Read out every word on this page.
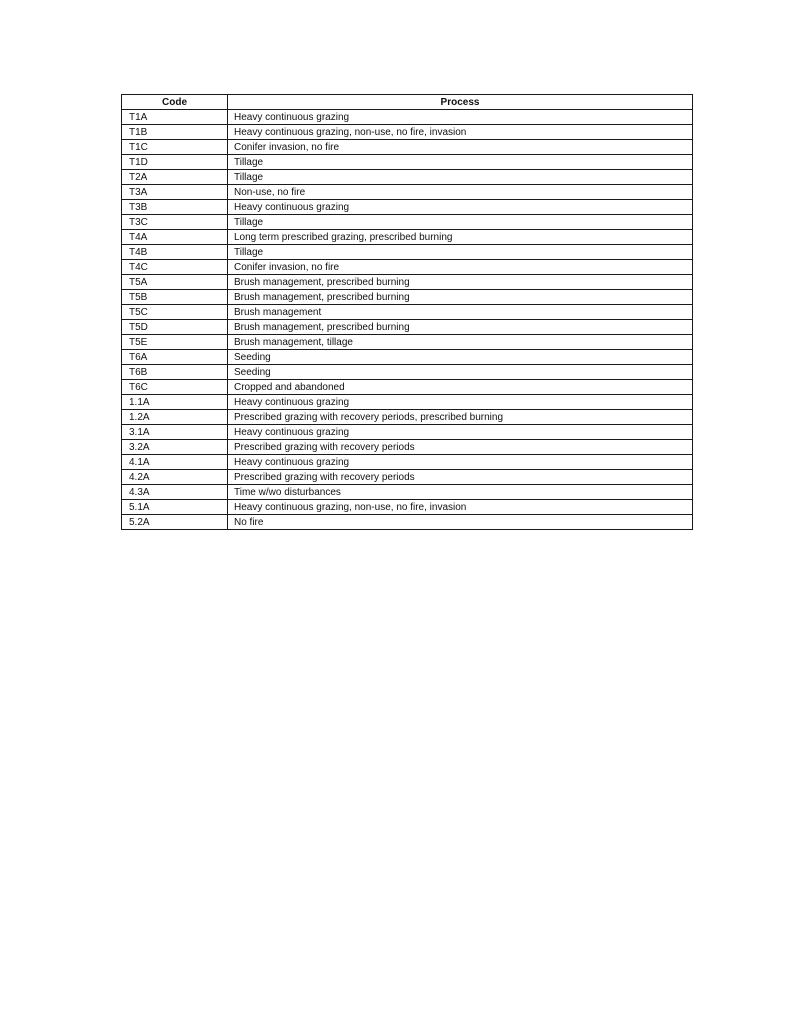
Code	Process
T1A	Heavy continuous grazing
T1B	Heavy continuous grazing, non-use, no fire, invasion
T1C	Conifer invasion, no fire
T1D	Tillage
T2A	Tillage
T3A	Non-use, no fire
T3B	Heavy continuous grazing
T3C	Tillage
T4A	Long term prescribed grazing, prescribed burning
T4B	Tillage
T4C	Conifer invasion, no fire
T5A	Brush management, prescribed burning
T5B	Brush management, prescribed burning
T5C	Brush management
T5D	Brush management, prescribed burning
T5E	Brush management, tillage
T6A	Seeding
T6B	Seeding
T6C	Cropped and abandoned
1.1A	Heavy continuous grazing
1.2A	Prescribed grazing with recovery periods, prescribed burning
3.1A	Heavy continuous grazing
3.2A	Prescribed grazing with recovery periods
4.1A	Heavy continuous grazing
4.2A	Prescribed grazing with recovery periods
4.3A	Time w/wo disturbances
5.1A	Heavy continuous grazing, non-use, no fire, invasion
5.2A	No fire
